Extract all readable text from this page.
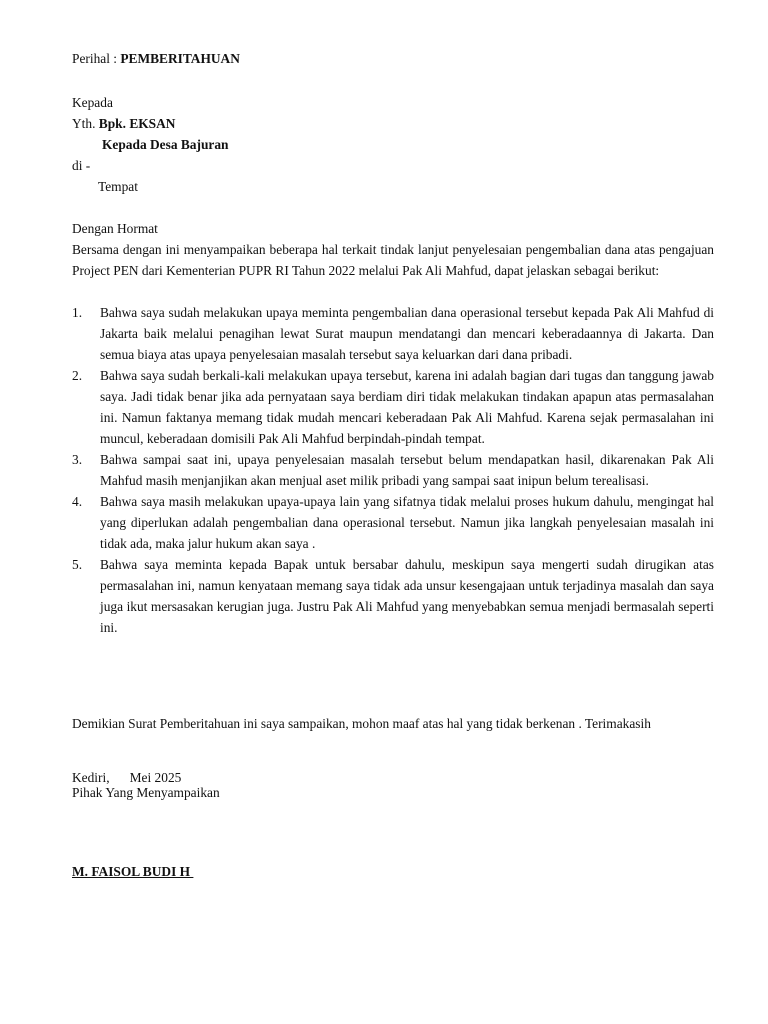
Perihal : PEMBERITAHUAN
Kepada
Yth. Bpk. EKSAN
Kepada Desa Bajuran
di -
Tempat
Dengan Hormat
Bersama dengan ini menyampaikan beberapa hal terkait tindak lanjut penyelesaian pengembalian dana atas pengajuan Project PEN dari Kementerian PUPR RI Tahun 2022 melalui Pak Ali Mahfud, dapat jelaskan sebagai berikut:
1. Bahwa saya sudah melakukan upaya meminta pengembalian dana operasional tersebut kepada Pak Ali Mahfud di Jakarta baik melalui penagihan lewat Surat maupun mendatangi dan mencari keberadaannya di Jakarta. Dan semua biaya atas upaya penyelesaian masalah tersebut saya keluarkan dari dana pribadi.
2. Bahwa saya sudah berkali-kali melakukan upaya tersebut, karena ini adalah bagian dari tugas dan tanggung jawab saya. Jadi tidak benar jika ada pernyataan saya berdiam diri tidak melakukan tindakan apapun atas permasalahan ini. Namun faktanya memang tidak mudah mencari keberadaan Pak Ali Mahfud. Karena sejak permasalahan ini muncul, keberadaan domisili Pak Ali Mahfud berpindah-pindah tempat.
3. Bahwa sampai saat ini, upaya penyelesaian masalah tersebut belum mendapatkan hasil, dikarenakan Pak Ali Mahfud masih menjanjikan akan menjual aset milik pribadi yang sampai saat inipun belum terealisasi.
4. Bahwa saya masih melakukan upaya-upaya lain yang sifatnya tidak melalui proses hukum dahulu, mengingat hal yang diperlukan adalah pengembalian dana operasional tersebut. Namun jika langkah penyelesaian masalah ini tidak ada, maka jalur hukum akan saya .
5. Bahwa saya meminta kepada Bapak untuk bersabar dahulu, meskipun saya mengerti sudah dirugikan atas permasalahan ini, namun kenyataan memang saya tidak ada unsur kesengajaan untuk terjadinya masalah dan saya juga ikut mersasakan kerugian juga. Justru Pak Ali Mahfud yang menyebabkan semua menjadi bermasalah seperti ini.
Demikian Surat Pemberitahuan ini saya sampaikan, mohon maaf atas hal yang tidak berkenan . Terimakasih
Kediri,      Mei 2025
Pihak Yang Menyampaikan
M. FAISOL BUDI H
